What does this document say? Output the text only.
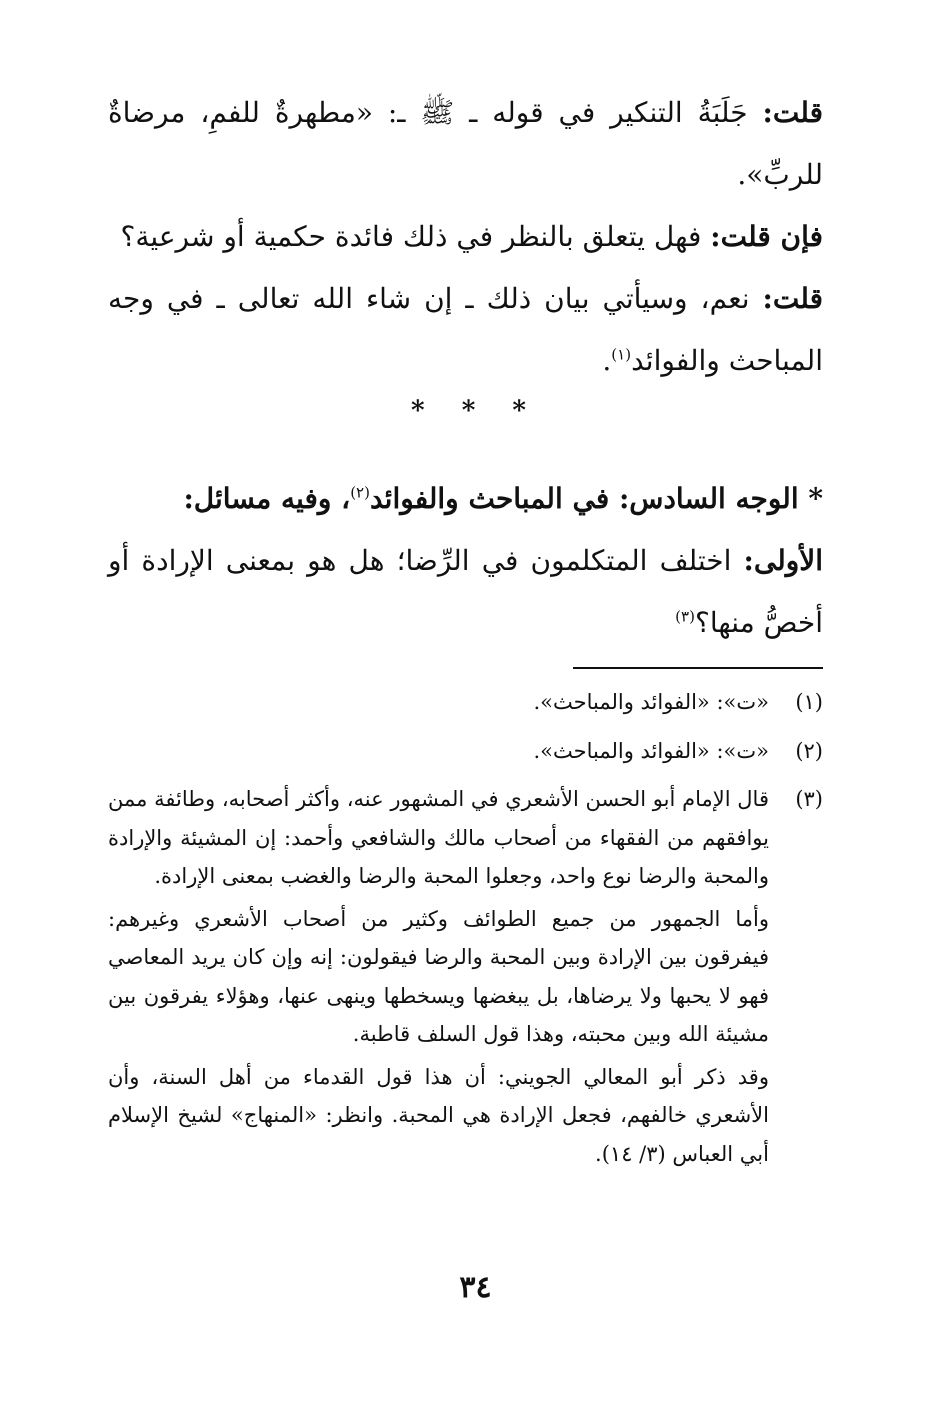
قلت: جَلَبَةُ التنكير في قوله ـ ﷺ ـ: «مطهرةٌ للفمِ، مرضاةٌ للربِّ».

فإن قلت: فهل يتعلق بالنظر في ذلك فائدة حكمية أو شرعية؟

قلت: نعم، وسيأتي بيان ذلك ـ إن شاء الله تعالى ـ في وجه المباحث والفوائد$^{(١)}$.

* * *

* الوجه السادس: في المباحث والفوائد$^{(٢)}$، وفيه مسائل:

الأولى: اختلف المتكلمون في الرِّضا؛ هل هو بمعنى الإرادة أو أخصُّ منها؟$^{(٣)}$

(١)

«ت»: «الفوائد والمباحث».

(٢)

«ت»: «الفوائد والمباحث».

(٣)

قال الإمام أبو الحسن الأشعري في المشهور عنه، وأكثر أصحابه، وطائفة ممن يوافقهم من الفقهاء من أصحاب مالك والشافعي وأحمد: إن المشيئة والإرادة والمحبة والرضا نوع واحد، وجعلوا المحبة والرضا والغضب بمعنى الإرادة.

وأما الجمهور من جميع الطوائف وكثير من أصحاب الأشعري وغيرهم: فيفرقون بين الإرادة وبين المحبة والرضا فيقولون: إنه وإن كان يريد المعاصي فهو لا يحبها ولا يرضاها، بل يبغضها ويسخطها وينهى عنها، وهؤلاء يفرقون بين مشيئة الله وبين محبته، وهذا قول السلف قاطبة.

وقد ذكر أبو المعالي الجويني: أن هذا قول القدماء من أهل السنة، وأن الأشعري خالفهم، فجعل الإرادة هي المحبة. وانظر: «المنهاج» لشيخ الإسلام أبي العباس (٣/ ١٤).

٣٤
